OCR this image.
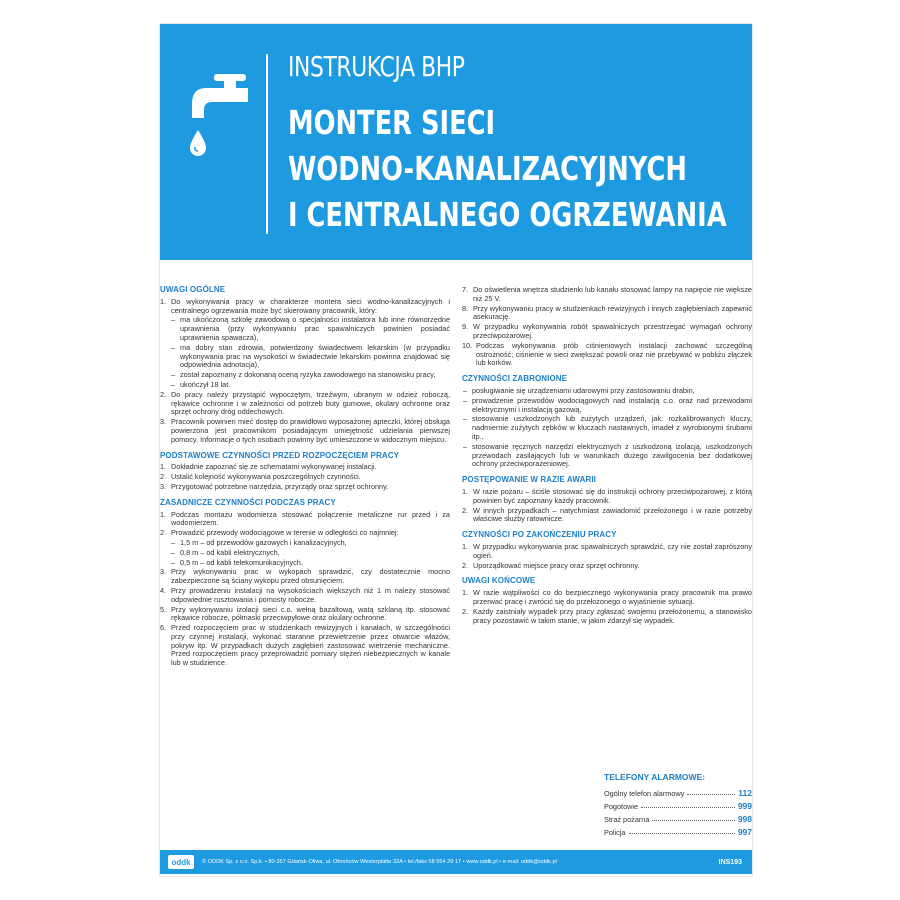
INSTRUKCJA BHP
MONTER SIECI
WODNO-KANALIZACYJNYCH
I CENTRALNEGO OGRZEWANIA
UWAGI OGÓLNE
1. Do wykonywania pracy w charakterze montera sieci wodno-kanalizacyjnych i centralnego ogrzewania może być skierowany pracownik, który:
– ma ukończoną szkołę zawodową o specjalności instalatora lub inne równorzędne uprawnienia (przy wykonywaniu prac spawalniczych powinien posiadać uprawnienia spawacza),
– ma dobry stan zdrowia, potwierdzony świadectwem lekarskim (w przypadku wykonywania prac na wysokości w świadectwie lekarskim powinna znajdować się odpowiednia adnotacja),
– został zapoznany z dokonaną oceną ryzyka zawodowego na stanowisku pracy,
– ukończył 18 lat.
2. Do pracy należy przystąpić wypoczętym, trzeźwym, ubranym w odzież roboczą, rękawice ochronne i w zależności od potrzeb buty gumowe, okulary ochronne oraz sprzęt ochrony dróg oddechowych.
3. Pracownik powinien mieć dostęp do prawidłowo wyposażonej apteczki, której obsługa powierzona jest pracownikom posiadającym umiejętność udzielania pierwszej pomocy. Informacje o tych osobach powinny być umieszczone w widocznym miejscu.
PODSTAWOWE CZYNNOŚCI PRZED ROZPOCZĘCIEM PRACY
1. Dokładnie zapoznać się ze schematami wykonywanej instalacji.
2. Ustalić kolejność wykonywania poszczególnych czynności.
3. Przygotować potrzebne narzędzia, przyrządy oraz sprzęt ochronny.
ZASADNICZE CZYNNOŚCI PODCZAS PRACY
1. Podczas montażu wodomierza stosować połączenie metaliczne rur przed i za wodomierzem.
2. Prowadzić przewody wodociągowe w terenie w odległości co najmniej:
– 1,5 m – od przewodów gazowych i kanalizacyjnych,
– 0,8 m – od kabli elektrycznych,
– 0,5 m – od kabli telekomunikacyjnych.
3. Przy wykonywaniu prac w wykopach sprawdzić, czy dostatecznie mocno zabezpieczone są ściany wykopu przed obsunięciem.
4. Przy prowadzeniu instalacji na wysokościach większych niż 1 m należy stosować odpowiednie rusztowania i pomosty robocze.
5. Przy wykonywaniu izolacji sieci c.o. wełną bazaltową, watą szklaną itp. stosować rękawice robocze, półmaski przeciwpyłowe oraz okulary ochronne.
6. Przed rozpoczęciem prac w studzienkach rewizyjnych i kanałach, w szczególności przy czynnej instalacji, wykonać staranne przewietrzenie przez otwarcie włazów, pokryw itp. W przypadkach dużych zagłębień zastosować wietrzenie mechaniczne. Przed rozpoczęciem pracy przeprowadzić pomiary stężeń niebezpiecznych w kanale lub w studzience.
7. Do oświetlenia wnętrza studzienki lub kanału stosować lampy na napięcie nie większe niż 25 V.
8. Przy wykonywaniu pracy w studzienkach rewizyjnych i innych zagłębieniach zapewnić asekurację.
9. W przypadku wykonywania robót spawalniczych przestrzegać wymagań ochrony przeciwpożarowej.
10. Podczas wykonywania prób ciśnieniowych instalacji zachować szczególną ostrożność; ciśnienie w sieci zwiększać powoli oraz nie przebywać w pobliżu złączek lub korków.
CZYNNOŚCI ZABRONIONE
– posługiwanie się urządzeniami udarowymi przy zastosowaniu drabin,
– prowadzenie przewodów wodociągowych nad instalacją c.o. oraz nad przewodami elektrycznymi i instalacją gazową,
– stosowanie uszkodzonych lub zużytych urządzeń, jak: rozkalibrowanych kluczy, nadmiernie zużytych zębków w kluczach nastawnych, imadeł z wyrobionymi śrubami itp.,
– stosowanie ręcznych narzędzi elektrycznych z uszkodzoną izolacją, uszkodzonych przewodach zasilających lub w warunkach dużego zawilgocenia bez dodatkowej ochrony przeciwporażeniowej.
POSTĘPOWANIE W RAZIE AWARII
1. W razie pożaru – ściśle stosować się do instrukcji ochrony przeciwpożarowej, z którą powinien być zapoznany każdy pracownik.
2. W innych przypadkach – natychmiast zawiadomić przełożonego i w razie potrzeby właściwe służby ratownicze.
CZYNNOŚCI PO ZAKOŃCZENIU PRACY
1. W przypadku wykonywania prac spawalniczych sprawdzić, czy nie został zaprószony ogień.
2. Uporządkować miejsce pracy oraz sprzęt ochronny.
UWAGI KOŃCOWE
1. W razie wątpliwości co do bezpiecznego wykonywania pracy pracownik ma prawo przerwać pracę i zwrócić się do przełożonego o wyjaśnienie sytuacji.
2. Każdy zaistniały wypadek przy pracy zgłaszać swojemu przełożonemu, a stanowisko pracy pozostawić w takim stanie, w jakim zdarzył się wypadek.
TELEFONY ALARMOWE:
Ogólny telefon alarmowy	112
Pogotowie	999
Straż pożarna	998
Policja	997
oddk	© ODDK Sp. z o.o. Sp.k. • 80-357 Gdańsk-Oliwa, ul. Obrońców Westerplatte 32A • tel./faks 58 554 29 17 • www.oddk.pl • e-mail: oddk@oddk.pl	INS193
